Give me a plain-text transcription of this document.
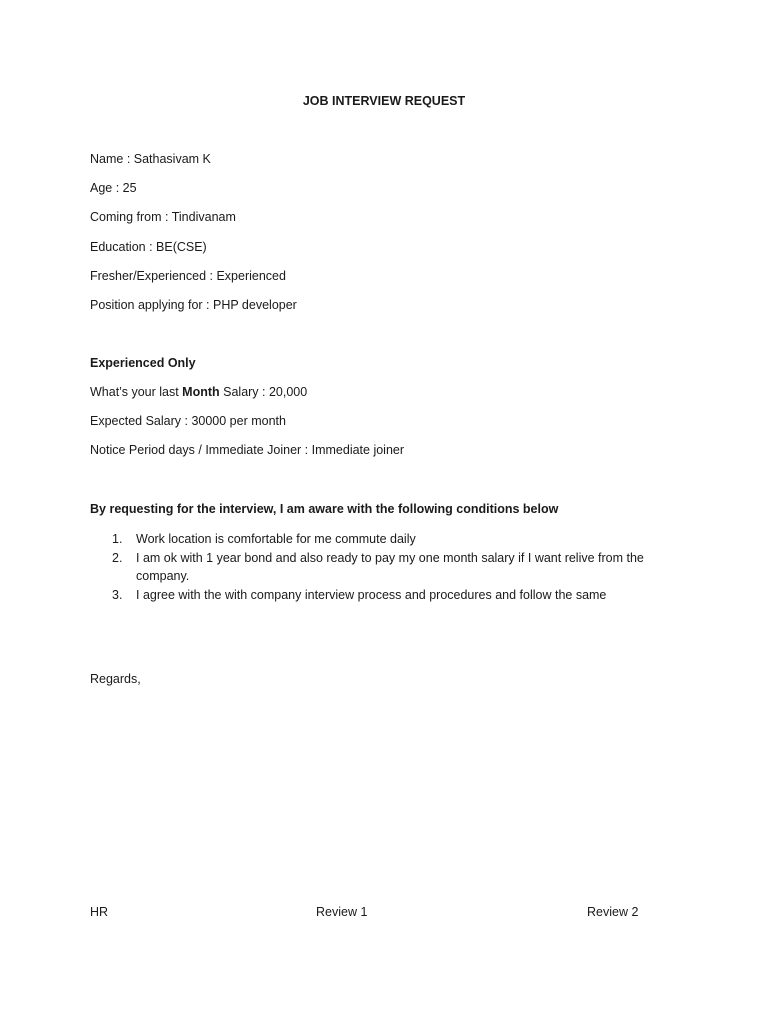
JOB INTERVIEW REQUEST
Name : Sathasivam K
Age : 25
Coming from : Tindivanam
Education : BE(CSE)
Fresher/Experienced : Experienced
Position applying for : PHP developer
Experienced Only
What’s your last Month Salary : 20,000
Expected Salary : 30000 per month
Notice Period days / Immediate Joiner : Immediate joiner
By requesting for the interview, I am aware with the following conditions below
1. Work location is comfortable for me commute daily
2. I am ok with 1 year bond and also ready to pay my one month salary if I want relive from the company.
3. I agree with the with company interview process and procedures and follow the same
Regards,
HR	Review 1	Review 2
